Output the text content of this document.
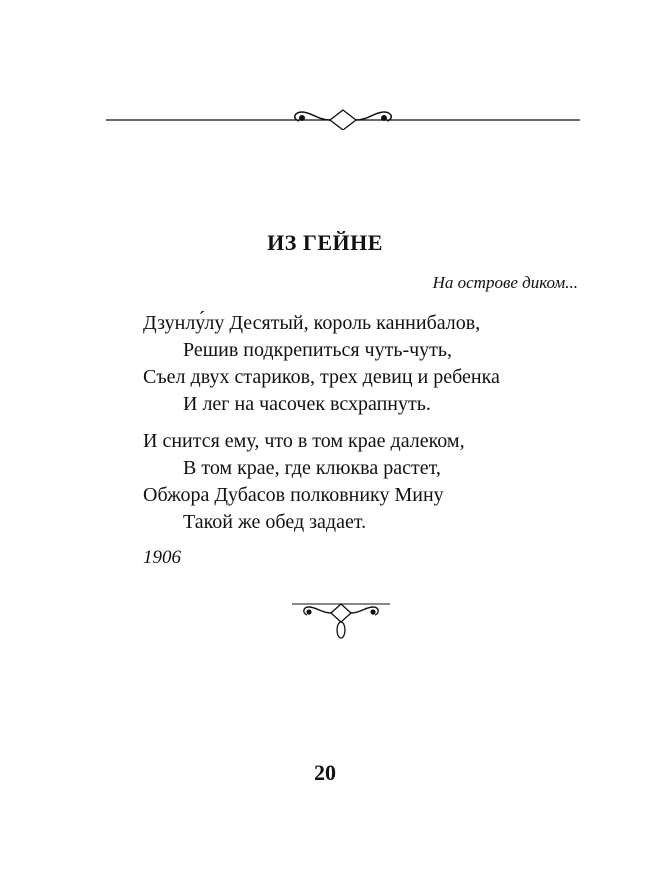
ИЗ ГЕЙНЕ
На острове диком...
Дзунлу́лу Десятый, король каннибалов,
Решив подкрепиться чуть-чуть,
Съел двух стариков, трех девиц и ребенка
И лег на часочек всхрапнуть.
И снится ему, что в том крае далеком,
В том крае, где клюква растет,
Обжора Дубасов полковнику Мину
Такой же обед задает.
1906
20
